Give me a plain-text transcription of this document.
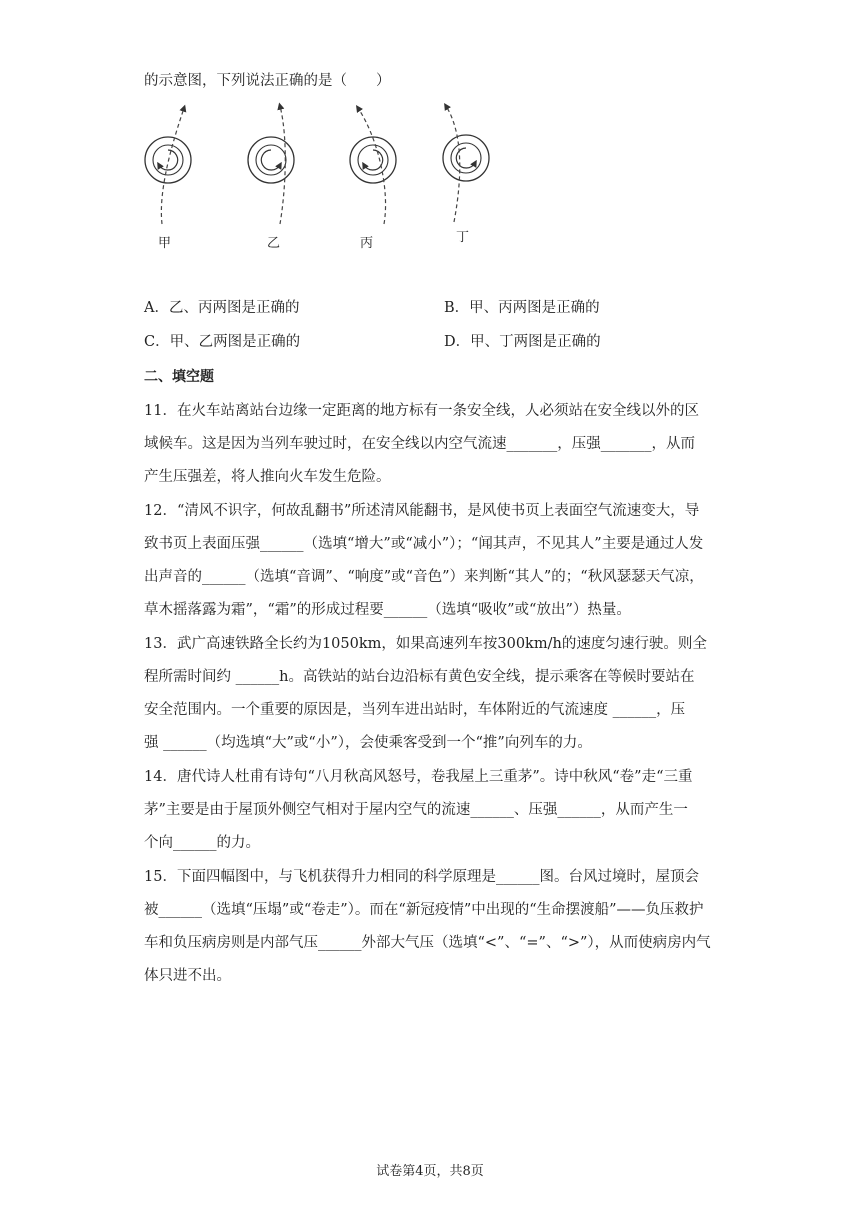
的示意图，下列说法正确的是（　　）
甲	乙	丙	丁
A．乙、丙两图是正确的	B．甲、丙两图是正确的
C．甲、乙两图是正确的	D．甲、丁两图是正确的
二、填空题
11．在火车站离站台边缘一定距离的地方标有一条安全线，人必须站在安全线以外的区
域候车。这是因为当列车驶过时，在安全线以内空气流速_______，压强_______，从而
产生压强差，将人推向火车发生危险。
12．“清风不识字，何故乱翻书”所述清风能翻书，是风使书页上表面空气流速变大，导
致书页上表面压强______（选填“增大”或“减小”）；“闻其声，不见其人”主要是通过人发
出声音的______（选填“音调”、“响度”或“音色”）来判断“其人”的；“秋风瑟瑟天气凉，
草木摇落露为霜”，“霜”的形成过程要______（选填“吸收”或“放出”）热量。
13．武广高速铁路全长约为1050km，如果高速列车按300km/h的速度匀速行驶。则全
程所需时间约 ______h。高铁站的站台边沿标有黄色安全线，提示乘客在等候时要站在
安全范围内。一个重要的原因是，当列车进出站时，车体附近的气流速度 ______，压
强 ______（均选填“大”或“小”），会使乘客受到一个“推”向列车的力。
14．唐代诗人杜甫有诗句“八月秋高风怒号，卷我屋上三重茅”。诗中秋风“卷”走“三重
茅”主要是由于屋顶外侧空气相对于屋内空气的流速______、压强______，从而产生一
个向______的力。
15．下面四幅图中，与飞机获得升力相同的科学原理是______图。台风过境时，屋顶会
被______（选填“压塌”或“卷走”）。而在“新冠疫情”中出现的“生命摆渡船”——负压救护
车和负压病房则是内部气压______外部大气压（选填“<”、“=”、“>”），从而使病房内气
体只进不出。
试卷第4页，共8页
